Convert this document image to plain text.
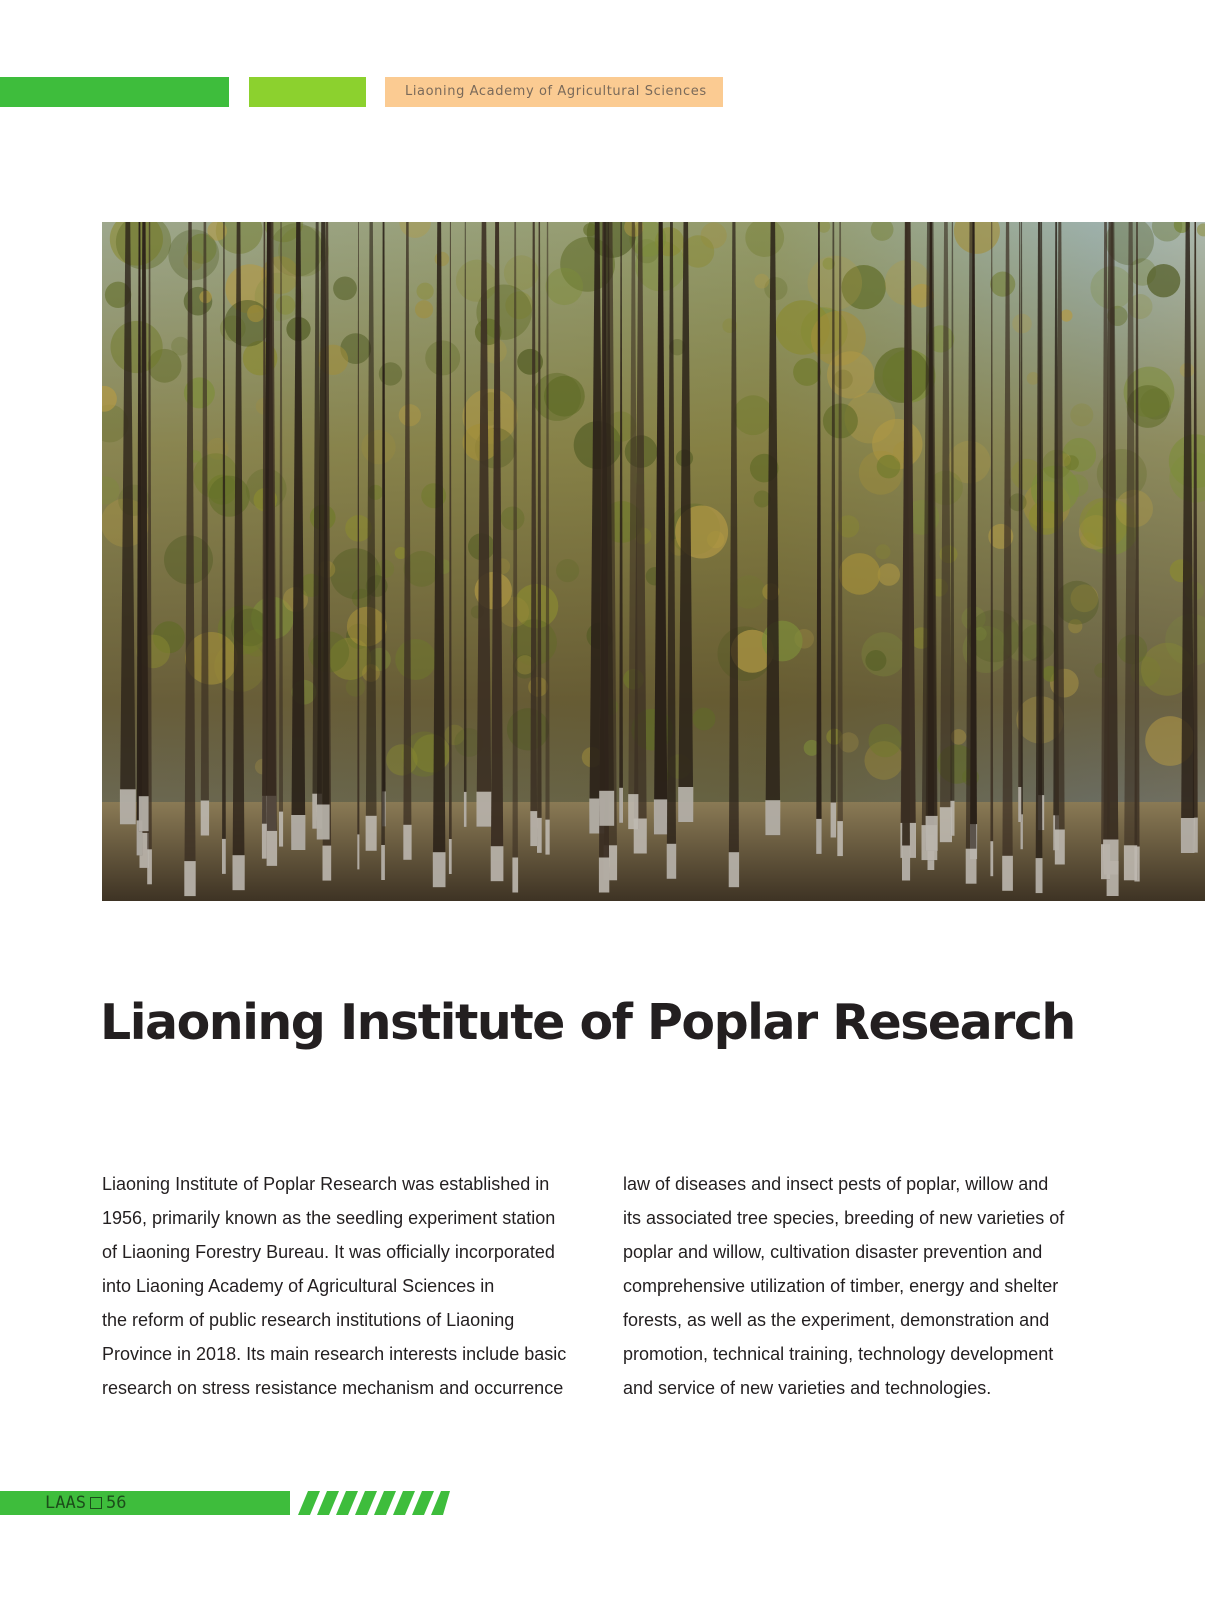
Liaoning Academy of Agricultural Sciences
Liaoning Institute of Poplar Research

Liaoning Institute of Poplar Research was established in
1956, primarily known as the seedling experiment station
of Liaoning Forestry Bureau. It was officially incorporated
into Liaoning Academy of Agricultural Sciences in
the reform of public research institutions of Liaoning
Province in 2018. Its main research interests include basic
research on stress resistance mechanism and occurrence

law of diseases and insect pests of poplar, willow and
its associated tree species, breeding of new varieties of
poplar and willow, cultivation disaster prevention and
comprehensive utilization of timber, energy and shelter
forests, as well as the experiment, demonstration and
promotion, technical training, technology development
and service of new varieties and technologies.

LAAS 56
